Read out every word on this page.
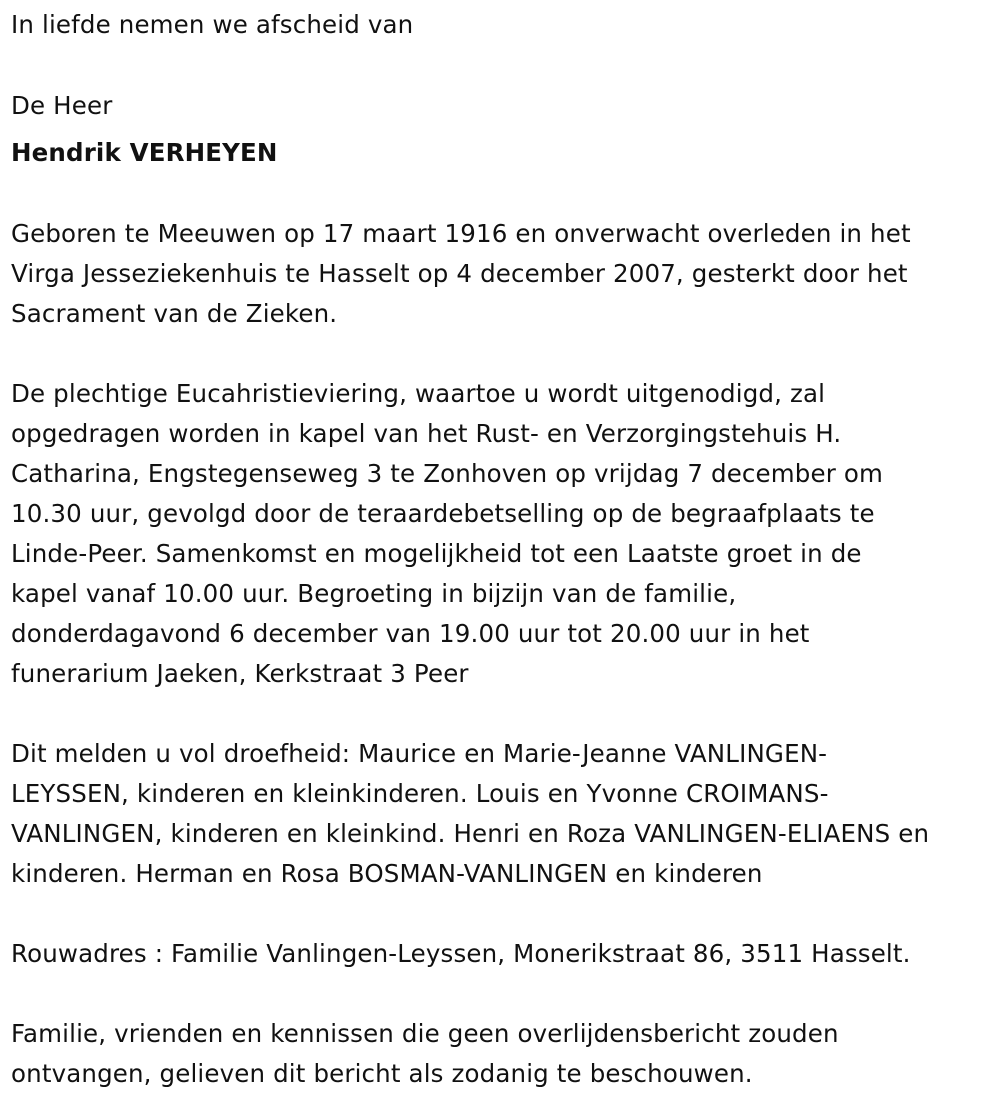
In liefde nemen we afscheid van
De Heer
Hendrik VERHEYEN
Geboren te Meeuwen op 17 maart 1916 en onverwacht overleden in het
Virga Jesseziekenhuis te Hasselt op 4 december 2007, gesterkt door het
Sacrament van de Zieken.
De plechtige Eucahristieviering, waartoe u wordt uitgenodigd, zal
opgedragen worden in kapel van het Rust- en Verzorgingstehuis H.
Catharina, Engstegenseweg 3 te Zonhoven op vrijdag 7 december om
10.30 uur, gevolgd door de teraardebetselling op de begraafplaats te
Linde-Peer. Samenkomst en mogelijkheid tot een Laatste groet in de
kapel vanaf 10.00 uur. Begroeting in bijzijn van de familie,
donderdagavond 6 december van 19.00 uur tot 20.00 uur in het
funerarium Jaeken, Kerkstraat 3 Peer
Dit melden u vol droefheid: Maurice en Marie-Jeanne VANLINGEN-
LEYSSEN, kinderen en kleinkinderen. Louis en Yvonne CROIMANS-
VANLINGEN, kinderen en kleinkind. Henri en Roza VANLINGEN-ELIAENS en
kinderen. Herman en Rosa BOSMAN-VANLINGEN en kinderen
Rouwadres : Familie Vanlingen-Leyssen, Monerikstraat 86, 3511 Hasselt.
Familie, vrienden en kennissen die geen overlijdensbericht zouden
ontvangen, gelieven dit bericht als zodanig te beschouwen.
